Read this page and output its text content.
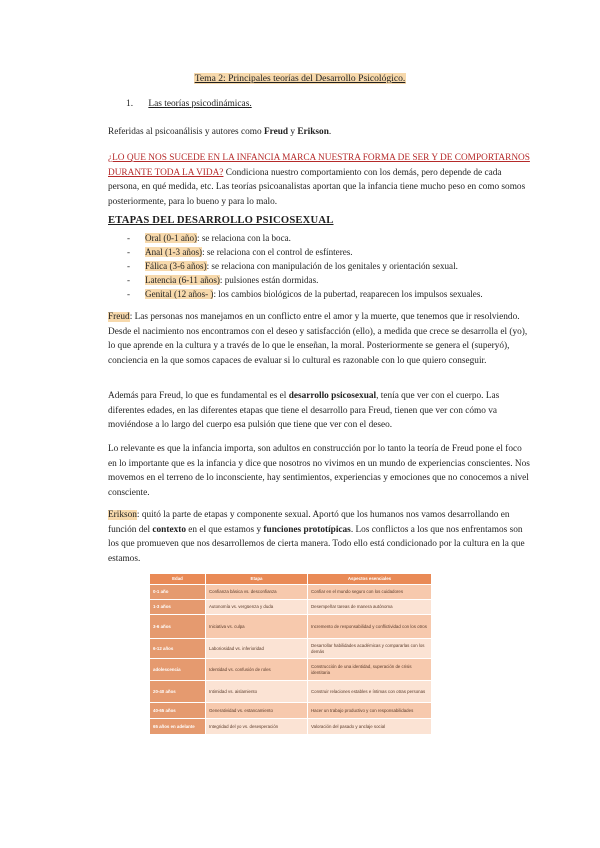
Tema 2: Principales teorías del Desarrollo Psicológico.
1. Las teorías psicodinámicas.

Referidas al psicoanálisis y autores como Freud y Erikson.

¿LO QUE NOS SUCEDE EN LA INFANCIA MARCA NUESTRA FORMA DE SER Y DE COMPORTARNOS DURANTE TODA LA VIDA? Condiciona nuestro comportamiento con los demás, pero depende de cada persona, en qué medida, etc. Las teorías psicoanalistas aportan que la infancia tiene mucho peso en como somos posteriormente, para lo bueno y para lo malo.

ETAPAS DEL DESARROLLO PSICOSEXUAL
- Oral (0-1 año): se relaciona con la boca.
- Anal (1-3 años): se relaciona con el control de esfínteres.
- Fálica (3-6 años): se relaciona con manipulación de los genitales y orientación sexual.
- Latencia (6-11 años): pulsiones están dormidas.
- Genital (12 años- ): los cambios biológicos de la pubertad, reaparecen los impulsos sexuales.

Freud: Las personas nos manejamos en un conflicto entre el amor y la muerte, que tenemos que ir resolviendo. Desde el nacimiento nos encontramos con el deseo y satisfacción (ello), a medida que crece se desarrolla el (yo), lo que aprende en la cultura y a través de lo que le enseñan, la moral. Posteriormente se genera el (superyó), conciencia en la que somos capaces de evaluar si lo cultural es razonable con lo que quiero conseguir.

Además para Freud, lo que es fundamental es el desarrollo psicosexual, tenía que ver con el cuerpo. Las diferentes edades, en las diferentes etapas que tiene el desarrollo para Freud, tienen que ver con cómo va moviéndose a lo largo del cuerpo esa pulsión que tiene que ver con el deseo.

Lo relevante es que la infancia importa, son adultos en construcción por lo tanto la teoría de Freud pone el foco en lo importante que es la infancia y dice que nosotros no vivimos en un mundo de experiencias conscientes. Nos movemos en el terreno de lo inconsciente, hay sentimientos, experiencias y emociones que no conocemos a nivel consciente.

Erikson: quitó la parte de etapas y componente sexual. Aportó que los humanos nos vamos desarrollando en función del contexto en el que estamos y funciones prototípicas. Los conflictos a los que nos enfrentamos son los que promueven que nos desarrollemos de cierta manera. Todo ello está condicionado por la cultura en la que estamos.

Edad	Etapa	Aspectos esenciales
0-1 año	Confianza básica vs. desconfianza	Confiar en el mundo seguro con los cuidadores
1-3 años	Autonomía vs. vergüenza y duda	Desempeñar tareas de manera autónoma
3-6 años	Iniciativa vs. culpa	Incremento de responsabilidad y conflictividad con los otros
6-12 años	Laboriosidad vs. inferioridad	Desarrollar habilidades académicas y compararlas con los demás
adolescencia	Identidad vs. confusión de roles	Construcción de una identidad, superación de crisis identitaria
20-40 años	Intimidad vs. aislamiento	Construir relaciones estables e íntimas con otras personas
40-65 años	Generatividad vs. estancamiento	Hacer un trabajo productivo y con responsabilidades
65 años en adelante	Integridad del yo vs. desesperación	Valoración del pasado y anclaje social
